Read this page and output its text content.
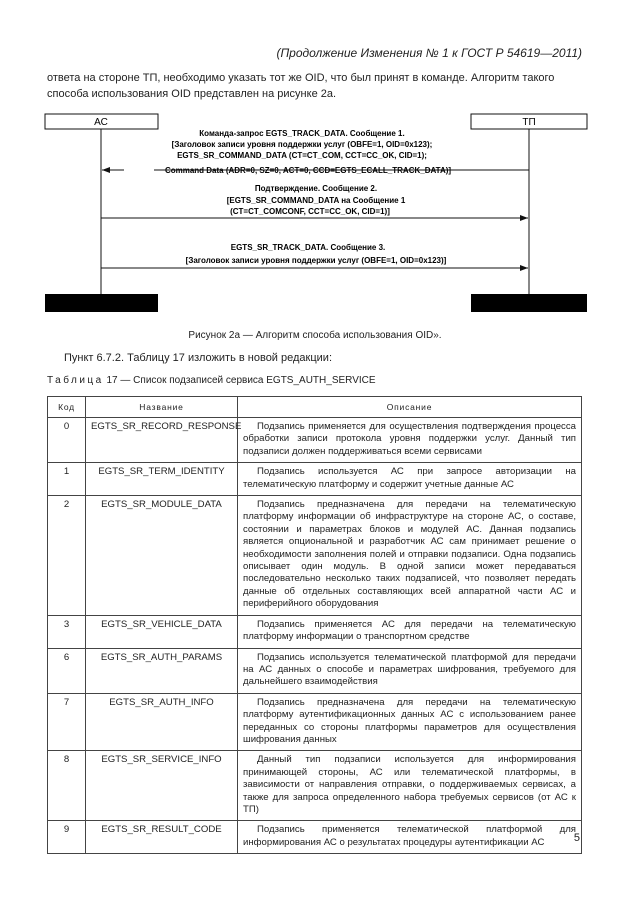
(Продолжение Изменения № 1 к ГОСТ Р 54619—2011)
ответа на стороне ТП, необходимо указать тот же OID, что был принят в команде. Алгоритм такого способа использования OID представлен на рисунке 2а.
АС	ТП
Команда-запрос EGTS_TRACK_DATA. Сообщение 1.
[Заголовок записи уровня поддержки услуг (OBFE=1, OID=0x123);
EGTS_SR_COMMAND_DATA (CT=CT_COM, CCT=CC_OK, CID=1);
Command Data (ADR=0, SZ=0, ACT=0, CCD=EGTS_ECALL_TRACK_DATA)]
Подтверждение. Сообщение 2.
[EGTS_SR_COMMAND_DATA на Сообщение 1
(CT=CT_COMCONF, CCT=CC_OK, CID=1)]
EGTS_SR_TRACK_DATA. Сообщение 3.
[Заголовок записи уровня поддержки услуг (OBFE=1, OID=0x123)]
Рисунок 2а — Алгоритм способа использования OID».
Пункт 6.7.2. Таблицу 17 изложить в новой редакции:
Таблица 17 — Список подзаписей сервиса EGTS_AUTH_SERVICE
Код	Название	Описание
0	EGTS_SR_RECORD_RESPONSE	Подзапись применяется для осуществления подтверждения процесса обработки записи протокола уровня поддержки услуг. Данный тип подзаписи должен поддерживаться всеми сервисами
1	EGTS_SR_TERM_IDENTITY	Подзапись используется АС при запросе авторизации на телематическую платформу и содержит учетные данные АС
2	EGTS_SR_MODULE_DATA	Подзапись предназначена для передачи на телематическую платформу информации об инфраструктуре на стороне АС, о составе, состоянии и параметрах блоков и модулей АС. Данная подзапись является опциональной и разработчик АС сам принимает решение о необходимости заполнения полей и отправки подзаписи. Одна подзапись описывает один модуль. В одной записи может передаваться последовательно несколько таких подзаписей, что позволяет передать данные об отдельных составляющих всей аппаратной части АС и периферийного оборудования
3	EGTS_SR_VEHICLE_DATA	Подзапись применяется АС для передачи на телематическую платформу информации о транспортном средстве
6	EGTS_SR_AUTH_PARAMS	Подзапись используется телематической платформой для передачи на АС данных о способе и параметрах шифрования, требуемого для дальнейшего взаимодействия
7	EGTS_SR_AUTH_INFO	Подзапись предназначена для передачи на телематическую платформу аутентификационных данных АС с использованием ранее переданных со стороны платформы параметров для осуществления шифрования данных
8	EGTS_SR_SERVICE_INFO	Данный тип подзаписи используется для информирования принимающей стороны, АС или телематической платформы, в зависимости от направления отправки, о поддерживаемых сервисах, а также для запроса определенного набора требуемых сервисов (от АС к ТП)
9	EGTS_SR_RESULT_CODE	Подзапись применяется телематической платформой для информирования АС о результатах процедуры аутентификации АС	5
